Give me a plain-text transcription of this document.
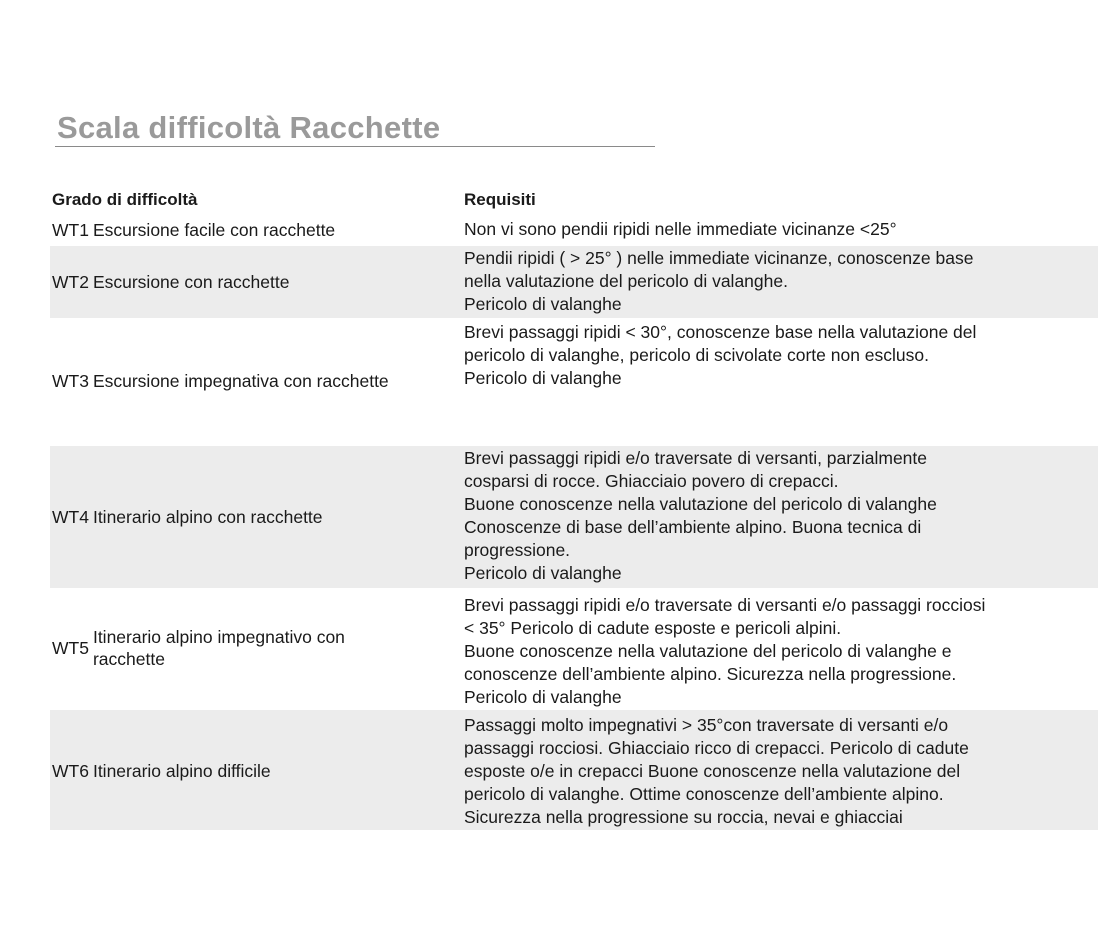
Scala difficoltà Racchette
Grado di difficoltà	Requisiti
WT1 Escursione facile con racchette	Non vi sono pendii ripidi nelle immediate vicinanze <25°
WT2 Escursione con racchette
Pendii ripidi ( > 25° ) nelle immediate vicinanze, conoscenze base
nella valutazione del pericolo di valanghe.
Pericolo di valanghe
WT3 Escursione impegnativa con racchette
Brevi passaggi ripidi < 30°, conoscenze base nella valutazione del
pericolo di valanghe, pericolo di scivolate corte non escluso.
Pericolo di valanghe
WT4 Itinerario alpino con racchette
Brevi passaggi ripidi e/o traversate di versanti, parzialmente
cosparsi di rocce. Ghiacciaio povero di crepacci.
Buone conoscenze nella valutazione del pericolo di valanghe
Conoscenze di base dell’ambiente alpino. Buona tecnica di
progressione.
Pericolo di valanghe
WT5
Itinerario alpino impegnativo con
racchette
Brevi passaggi ripidi e/o traversate di versanti e/o passaggi rocciosi
< 35° Pericolo di cadute esposte e pericoli alpini.
Buone conoscenze nella valutazione del pericolo di valanghe e
conoscenze dell’ambiente alpino. Sicurezza nella progressione.
Pericolo di valanghe
WT6 Itinerario alpino difficile
Passaggi molto impegnativi > 35°con traversate di versanti e/o
passaggi rocciosi. Ghiacciaio ricco di crepacci. Pericolo di cadute
esposte o/e in crepacci Buone conoscenze nella valutazione del
pericolo di valanghe. Ottime conoscenze dell’ambiente alpino.
Sicurezza nella progressione su roccia, nevai e ghiacciai
